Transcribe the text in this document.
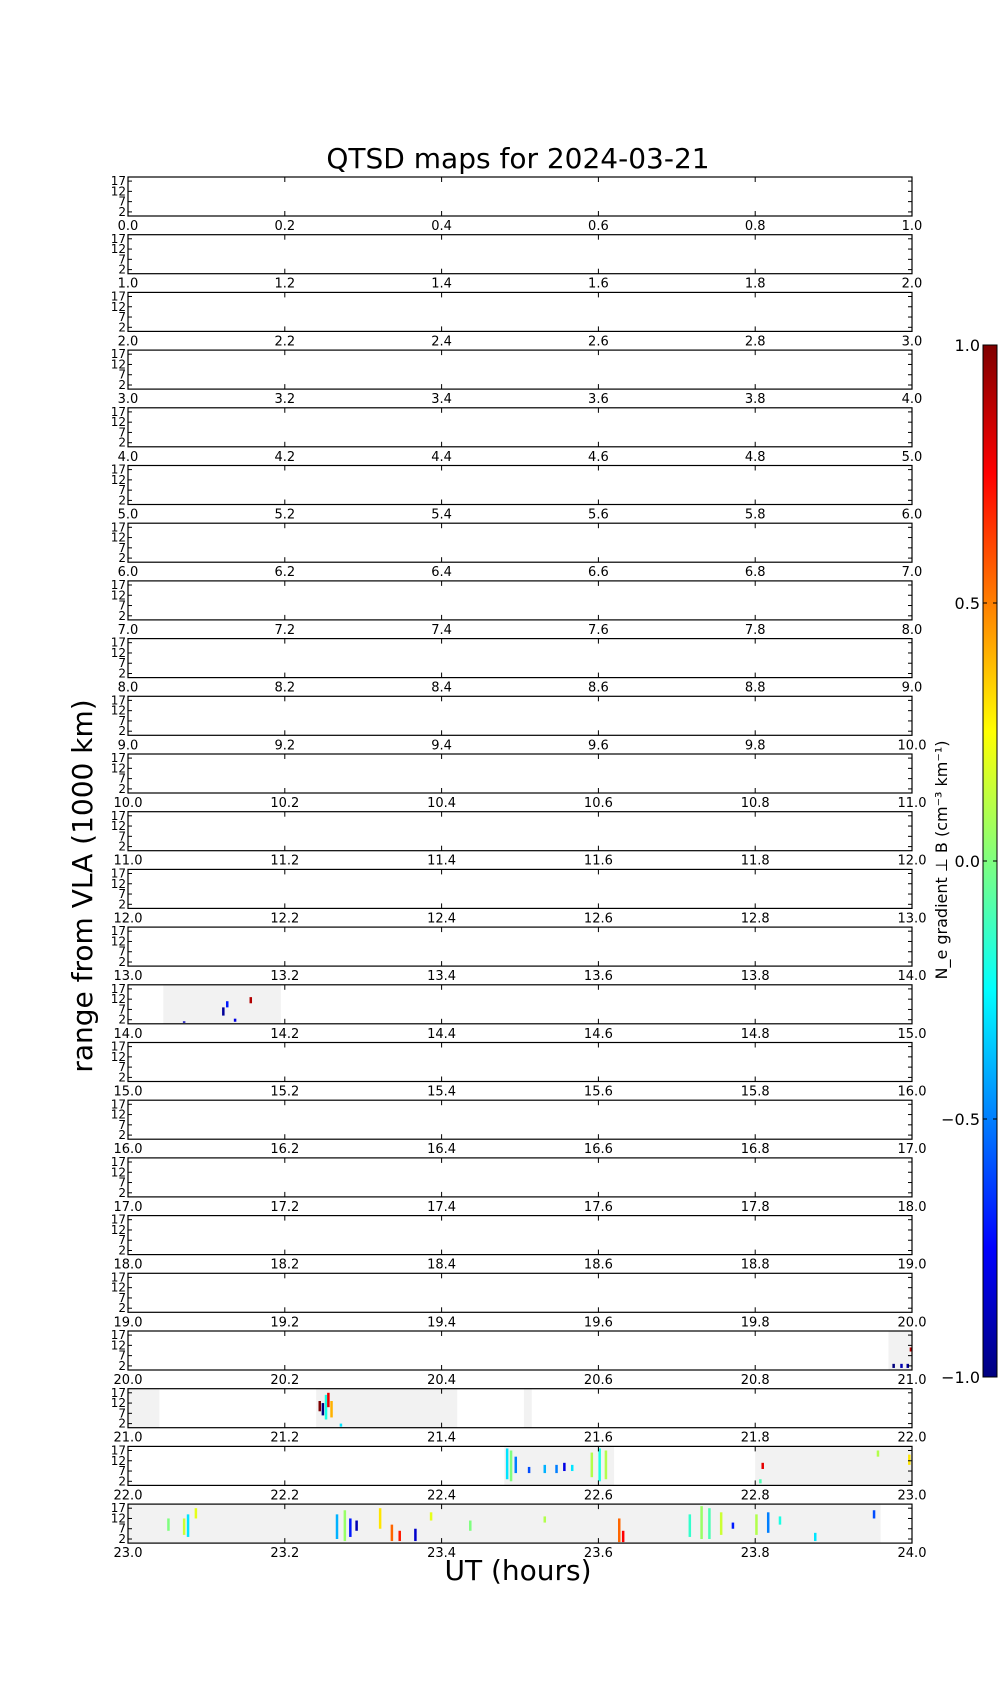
QTSD maps for 2024-03-21
UT (hours)
range from VLA (1000 km)
2
7
12
17
0.0	0.2	0.4	0.6	0.8	1.0
2
7
12
17
1.0	1.2	1.4	1.6	1.8	2.0
2
7
12
17
2.0	2.2	2.4	2.6	2.8	3.0
2
7
12
17
3.0	3.2	3.4	3.6	3.8	4.0
2
7
12
17
4.0	4.2	4.4	4.6	4.8	5.0
2
7
12
17
5.0	5.2	5.4	5.6	5.8	6.0
2
7
12
17
6.0	6.2	6.4	6.6	6.8	7.0
2
7
12
17
7.0	7.2	7.4	7.6	7.8	8.0
2
7
12
17
8.0	8.2	8.4	8.6	8.8	9.0
2
7
12
17
9.0	9.2	9.4	9.6	9.8	10.0
2
7
12
17
10.0	10.2	10.4	10.6	10.8	11.0
2
7
12
17
11.0	11.2	11.4	11.6	11.8	12.0
2
7
12
17
12.0	12.2	12.4	12.6	12.8	13.0
2
7
12
17
13.0	13.2	13.4	13.6	13.8	14.0
2
7
12
17
14.0	14.2	14.4	14.6	14.8	15.0
2
7
12
17
15.0	15.2	15.4	15.6	15.8	16.0
2
7
12
17
16.0	16.2	16.4	16.6	16.8	17.0
2
7
12
17
17.0	17.2	17.4	17.6	17.8	18.0
2
7
12
17
18.0	18.2	18.4	18.6	18.8	19.0
2
7
12
17
19.0	19.2	19.4	19.6	19.8	20.0
2
7
12
17
20.0	20.2	20.4	20.6	20.8	21.0
2
7
12
17
21.0	21.2	21.4	21.6	21.8	22.0
2
7
12
17
22.0	22.2	22.4	22.6	22.8	23.0
2
7
12
17
23.0	23.2	23.4	23.6	23.8	24.0
1.0
0.5
0.0
−0.5
−1.0
N_e gradient ⊥ B (cm⁻³ km⁻¹)
